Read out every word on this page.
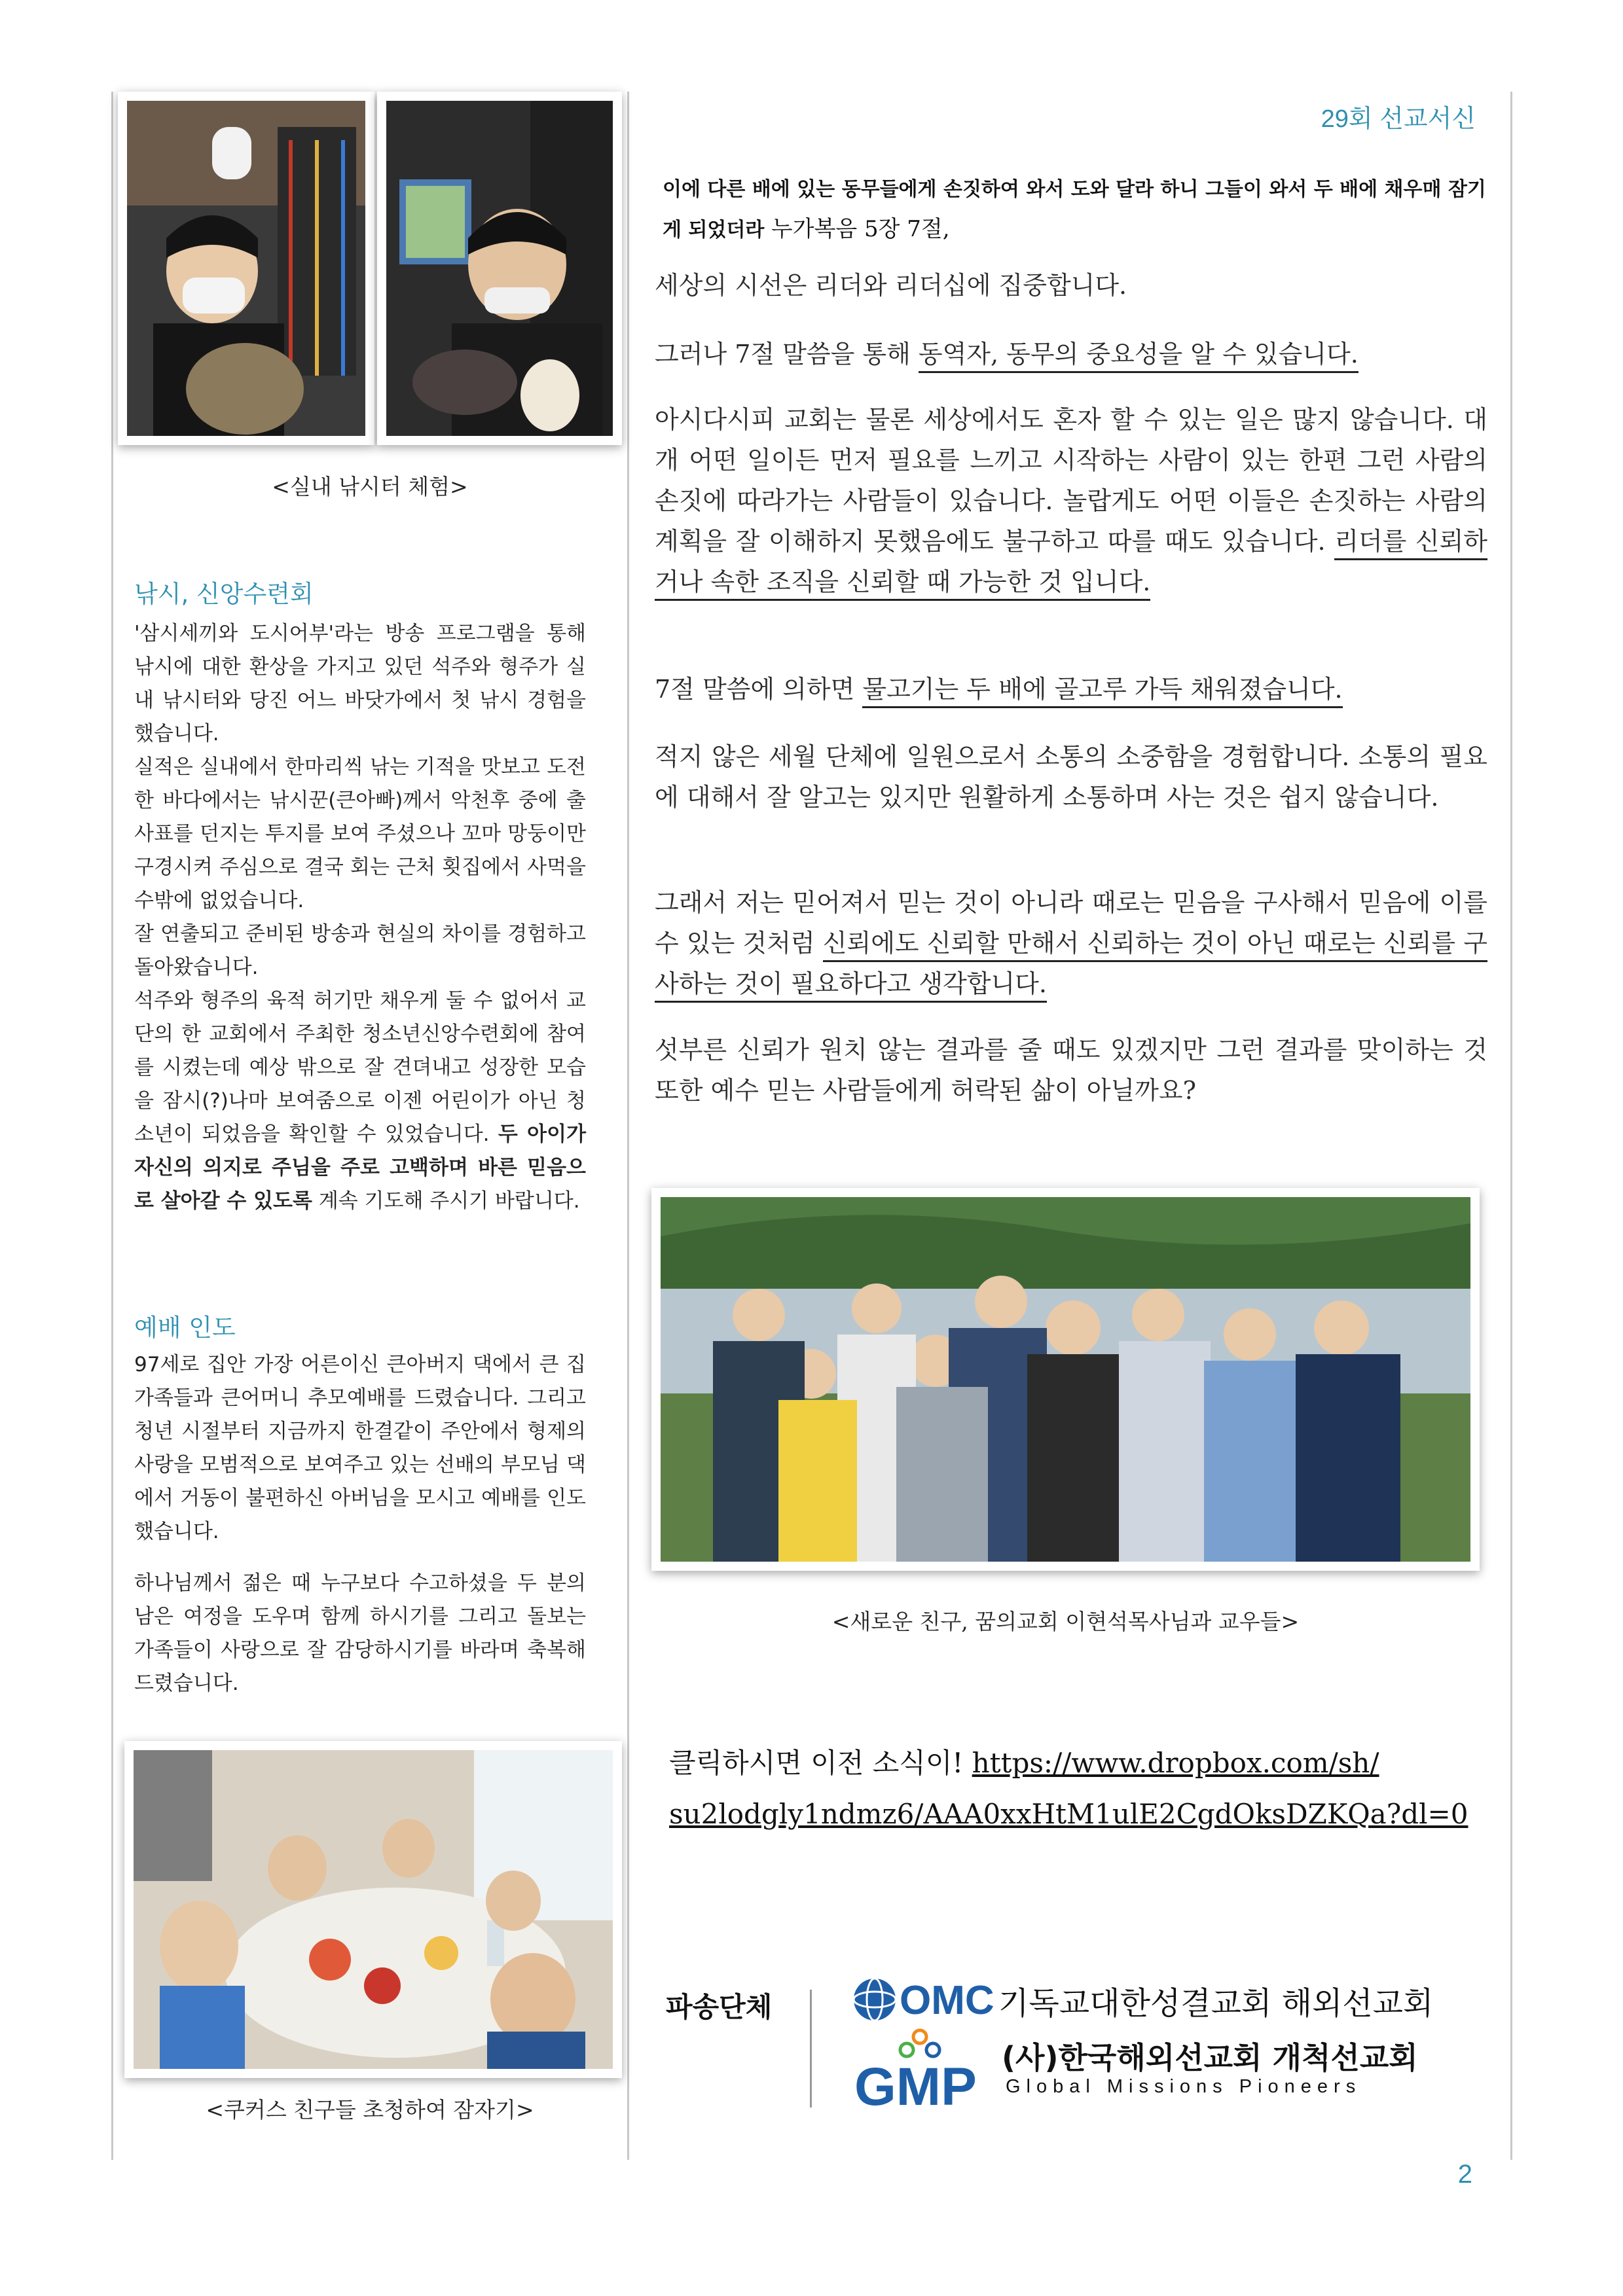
29회 선교서신
<실내 낚시터 체험>
낚시, 신앙수련회

'삼시세끼와 도시어부'라는 방송 프로그램을 통해 낚시에 대한 환상을 가지고 있던 석주와 형주가 실내 낚시터와 당진 어느 바닷가에서 첫 낚시 경험을 했습니다.

실적은 실내에서 한마리씩 낚는 기적을 맛보고 도전한 바다에서는 낚시꾼(큰아빠)께서 악천후 중에 출사표를 던지는 투지를 보여 주셨으나 꼬마 망둥이만 구경시켜 주심으로 결국 회는 근처 횟집에서 사먹을 수밖에 없었습니다.

잘 연출되고 준비된 방송과 현실의 차이를 경험하고 돌아왔습니다.

석주와 형주의 육적 허기만 채우게 둘 수 없어서 교단의 한 교회에서 주최한 청소년신앙수련회에 참여를 시켰는데 예상 밖으로 잘 견뎌내고 성장한 모습을 잠시(?)나마 보여줌으로 이젠 어린이가 아닌 청소년이 되었음을 확인할 수 있었습니다. 두 아이가 자신의 의지로 주님을 주로 고백하며 바른 믿음으로 살아갈 수 있도록 계속 기도해 주시기 바랍니다.

예배 인도

97세로 집안 가장 어른이신 큰아버지 댁에서 큰 집 가족들과 큰어머니 추모예배를 드렸습니다. 그리고 청년 시절부터 지금까지 한결같이 주안에서 형제의 사랑을 모범적으로 보여주고 있는 선배의 부모님 댁에서 거동이 불편하신 아버님을 모시고 예배를 인도했습니다.

하나님께서 젊은 때 누구보다 수고하셨을 두 분의 남은 여정을 도우며 함께 하시기를 그리고 돌보는 가족들이 사랑으로 잘 감당하시기를 바라며 축복해 드렸습니다.

<쿠커스 친구들 초청하여 잠자기>
이에 다른 배에 있는 동무들에게 손짓하여 와서 도와 달라 하니 그들이 와서 두 배에 채우매 잠기게 되었더라 누가복음 5장 7절,

세상의 시선은 리더와 리더십에 집중합니다.

그러나 7절 말씀을 통해 동역자, 동무의 중요성을 알 수 있습니다.

아시다시피 교회는 물론 세상에서도 혼자 할 수 있는 일은 많지 않습니다. 대개 어떤 일이든 먼저 필요를 느끼고 시작하는 사람이 있는 한편 그런 사람의 손짓에 따라가는 사람들이 있습니다. 놀랍게도 어떤 이들은 손짓하는 사람의 계획을 잘 이해하지 못했음에도 불구하고 따를 때도 있습니다. 리더를 신뢰하거나 속한 조직을 신뢰할 때 가능한 것 입니다.

7절 말씀에 의하면 물고기는 두 배에 골고루 가득 채워졌습니다.

적지 않은 세월 단체에 일원으로서 소통의 소중함을 경험합니다. 소통의 필요에 대해서 잘 알고는 있지만 원활하게 소통하며 사는 것은 쉽지 않습니다.

그래서 저는 믿어져서 믿는 것이 아니라 때로는 믿음을 구사해서 믿음에 이를 수 있는 것처럼 신뢰에도 신뢰할 만해서 신뢰하는 것이 아닌 때로는 신뢰를 구사하는 것이 필요하다고 생각합니다.

섯부른 신뢰가 원치 않는 결과를 줄 때도 있겠지만 그런 결과를 맞이하는 것 또한 예수 믿는 사람들에게 허락된 삶이 아닐까요?

<새로운 친구, 꿈의교회 이현석목사님과 교우들>
클릭하시면 이전 소식이! https://www.dropbox.com/sh/
su2lodgly1ndmz6/AAA0xxHtM1ulE2CgdOksDZKQa?dl=0
파송단체	OMC 기독교대한성결교회 해외선교회
GMP (사)한국해외선교회 개척선교회
Global Missions Pioneers
2
